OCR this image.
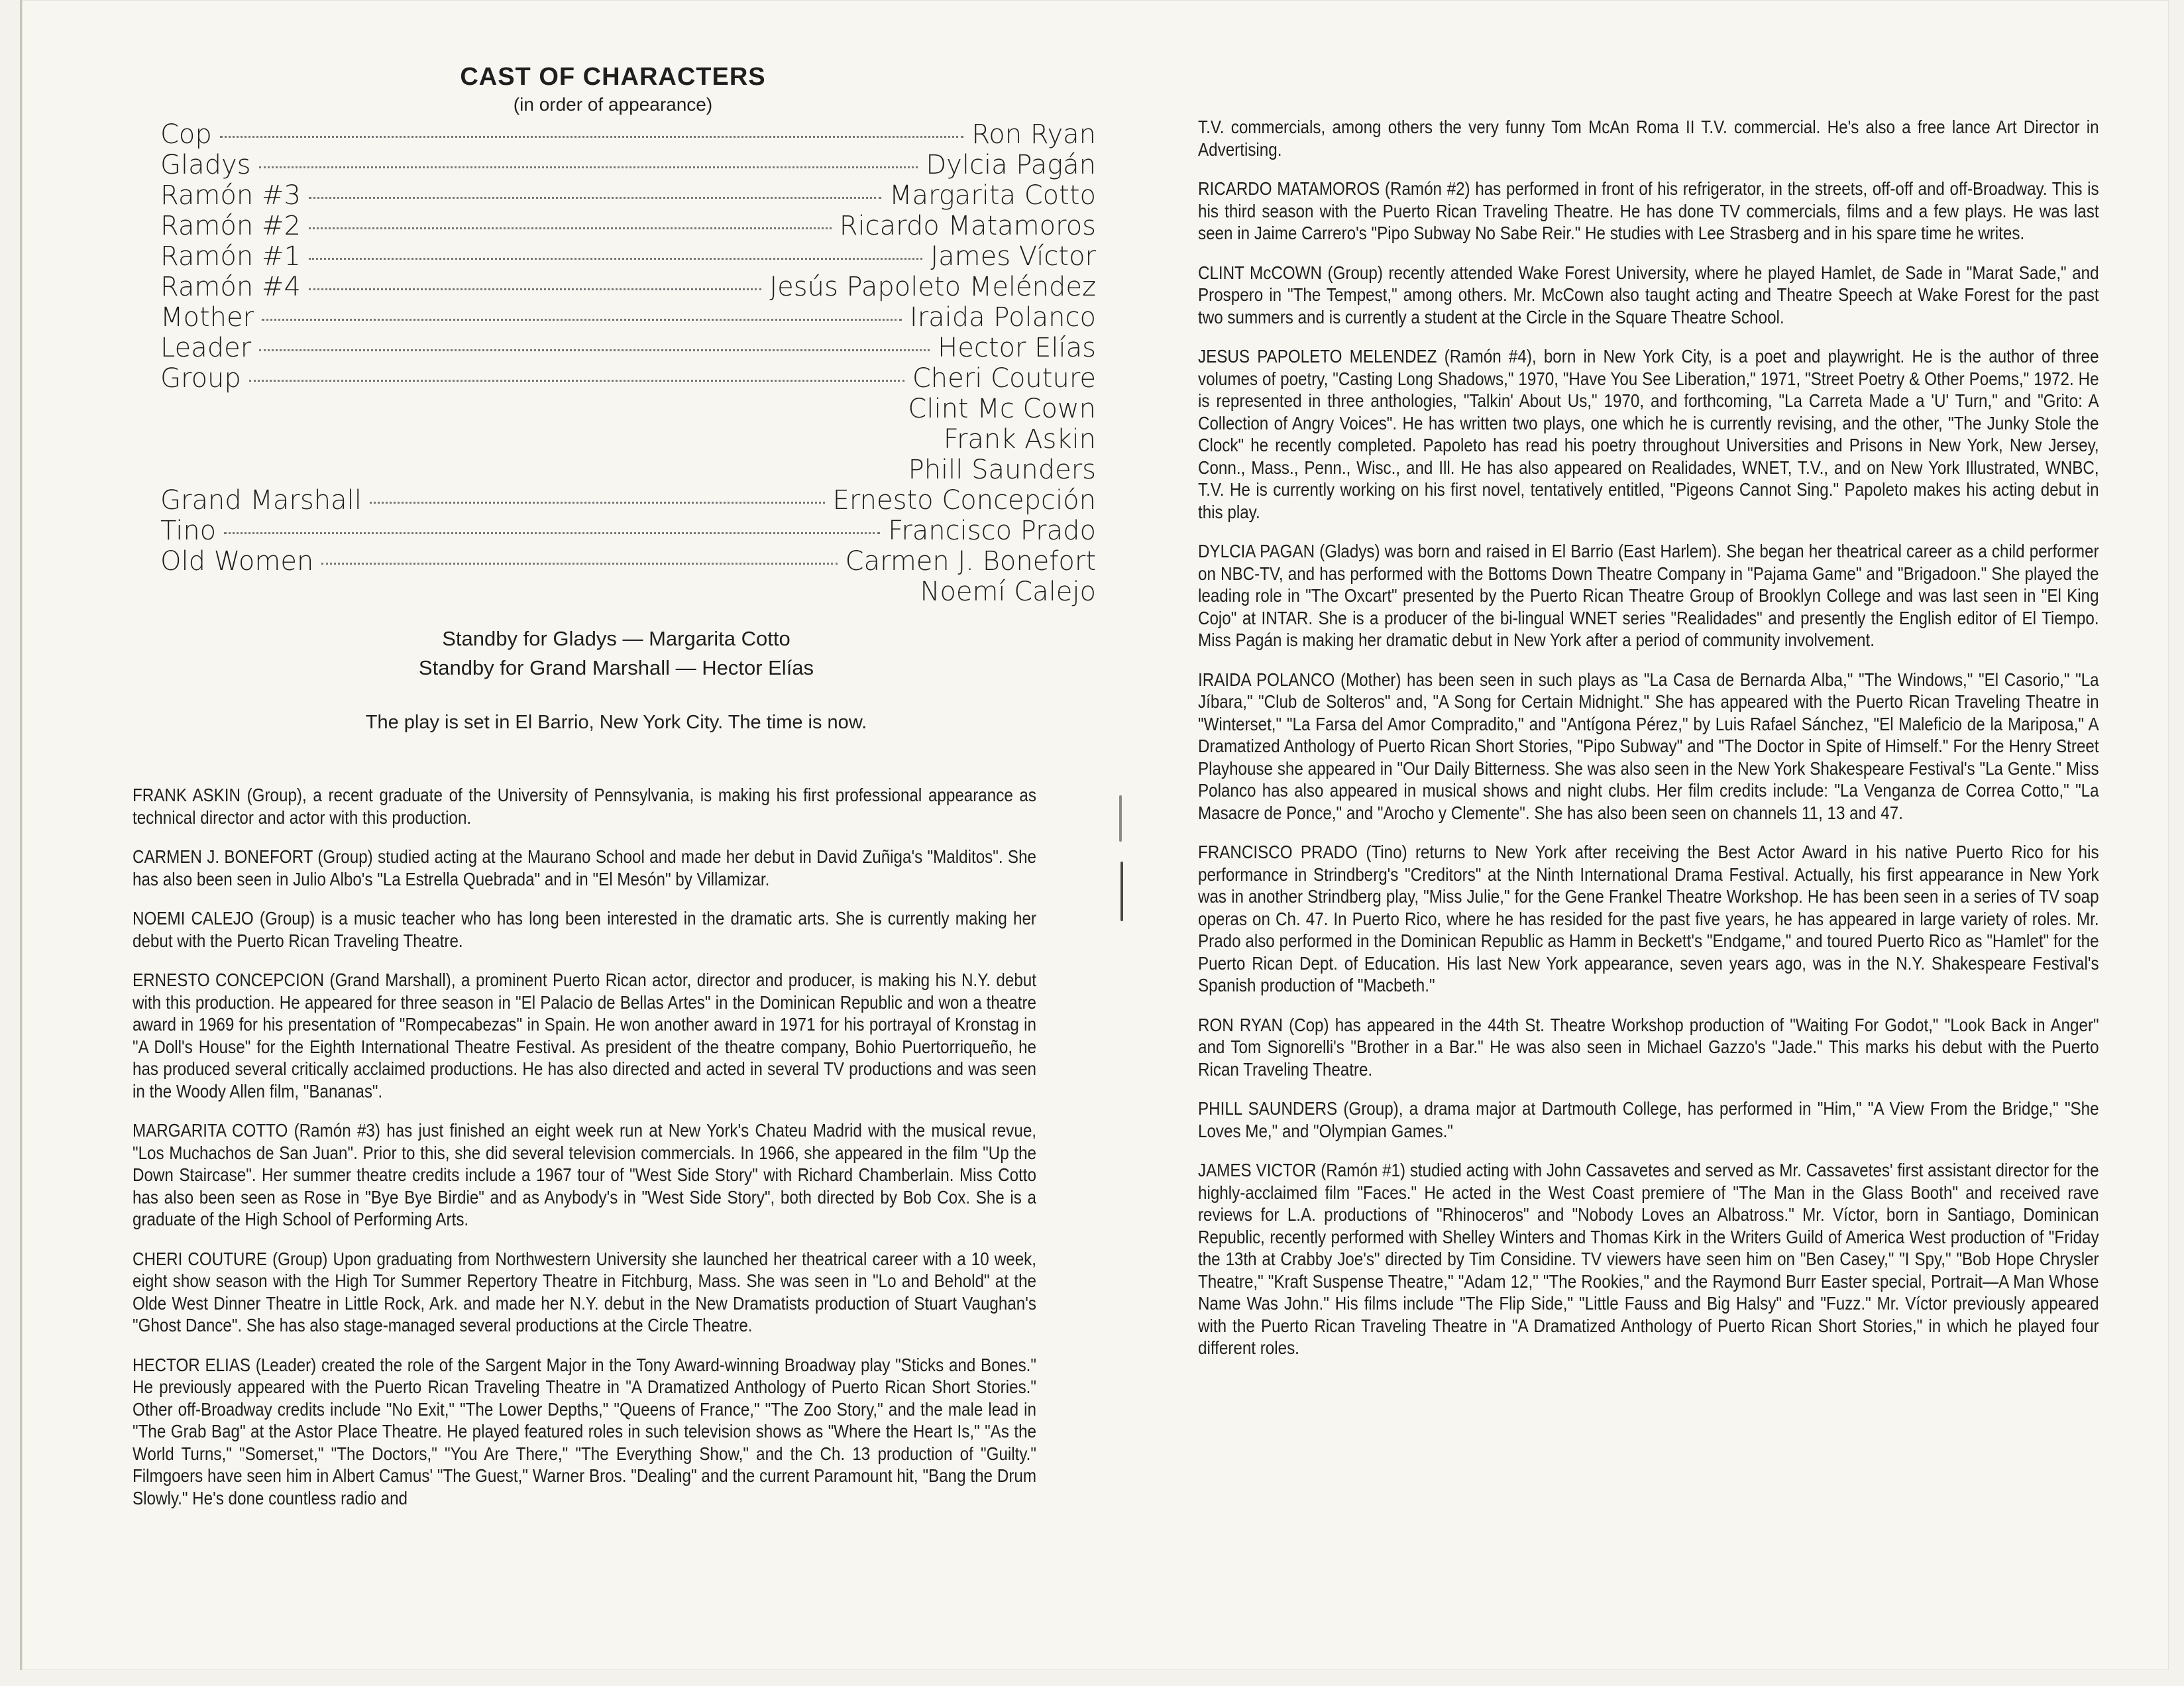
CAST OF CHARACTERS
(in order of appearance)
Cop	Ron Ryan
Gladys	Dylcia Pagán
Ramón #3	Margarita Cotto
Ramón #2	Ricardo Matamoros
Ramón #1	James Víctor
Ramón #4	Jesús Papoleto Meléndez
Mother	Iraida Polanco
Leader	Hector Elías
Group	Cheri Couture
Clint Mc Cown
Frank Askin
Phill Saunders
Grand Marshall	Ernesto Concepción
Tino	Francisco Prado
Old Women	Carmen J. Bonefort
Noemí Calejo
Standby for Gladys — Margarita Cotto
Standby for Grand Marshall — Hector Elías
The play is set in El Barrio, New York City. The time is now.

FRANK ASKIN (Group), a recent graduate of the University of Pennsylvania, is making his first professional appearance as technical director and actor with this production.

CARMEN J. BONEFORT (Group) studied acting at the Maurano School and made her debut in David Zuñiga's "Malditos". She has also been seen in Julio Albo's "La Estrella Quebrada" and in "El Mesón" by Villamizar.

NOEMI CALEJO (Group) is a music teacher who has long been interested in the dramatic arts. She is currently making her debut with the Puerto Rican Traveling Theatre.

ERNESTO CONCEPCION (Grand Marshall), a prominent Puerto Rican actor, director and producer, is making his N.Y. debut with this production. He appeared for three season in "El Palacio de Bellas Artes" in the Dominican Republic and won a theatre award in 1969 for his presentation of "Rompecabezas" in Spain. He won another award in 1971 for his portrayal of Kronstag in "A Doll's House" for the Eighth International Theatre Festival. As president of the theatre company, Bohio Puertorriqueño, he has produced several critically acclaimed productions. He has also directed and acted in several TV productions and was seen in the Woody Allen film, "Bananas".

MARGARITA COTTO (Ramón #3) has just finished an eight week run at New York's Chateu Madrid with the musical revue, "Los Muchachos de San Juan". Prior to this, she did several television commercials. In 1966, she appeared in the film "Up the Down Staircase". Her summer theatre credits include a 1967 tour of "West Side Story" with Richard Chamberlain. Miss Cotto has also been seen as Rose in "Bye Bye Birdie" and as Anybody's in "West Side Story", both directed by Bob Cox. She is a graduate of the High School of Performing Arts.

CHERI COUTURE (Group) Upon graduating from Northwestern University she launched her theatrical career with a 10 week, eight show season with the High Tor Summer Repertory Theatre in Fitchburg, Mass. She was seen in "Lo and Behold" at the Olde West Dinner Theatre in Little Rock, Ark. and made her N.Y. debut in the New Dramatists production of Stuart Vaughan's "Ghost Dance". She has also stage-managed several productions at the Circle Theatre.

HECTOR ELIAS (Leader) created the role of the Sargent Major in the Tony Award-winning Broadway play "Sticks and Bones." He previously appeared with the Puerto Rican Traveling Theatre in "A Dramatized Anthology of Puerto Rican Short Stories." Other off-Broadway credits include "No Exit," "The Lower Depths," "Queens of France," "The Zoo Story," and the male lead in "The Grab Bag" at the Astor Place Theatre. He played featured roles in such television shows as "Where the Heart Is," "As the World Turns," "Somerset," "The Doctors," "You Are There," "The Everything Show," and the Ch. 13 production of "Guilty." Filmgoers have seen him in Albert Camus' "The Guest," Warner Bros. "Dealing" and the current Paramount hit, "Bang the Drum Slowly." He's done countless radio and

T.V. commercials, among others the very funny Tom McAn Roma II T.V. commercial. He's also a free lance Art Director in Advertising.

RICARDO MATAMOROS (Ramón #2) has performed in front of his refrigerator, in the streets, off-off and off-Broadway. This is his third season with the Puerto Rican Traveling Theatre. He has done TV commercials, films and a few plays. He was last seen in Jaime Carrero's "Pipo Subway No Sabe Reir." He studies with Lee Strasberg and in his spare time he writes.

CLINT McCOWN (Group) recently attended Wake Forest University, where he played Hamlet, de Sade in "Marat Sade," and Prospero in "The Tempest," among others. Mr. McCown also taught acting and Theatre Speech at Wake Forest for the past two summers and is currently a student at the Circle in the Square Theatre School.

JESUS PAPOLETO MELENDEZ (Ramón #4), born in New York City, is a poet and playwright. He is the author of three volumes of poetry, "Casting Long Shadows," 1970, "Have You See Liberation," 1971, "Street Poetry & Other Poems," 1972. He is represented in three anthologies, "Talkin' About Us," 1970, and forthcoming, "La Carreta Made a 'U' Turn," and "Grito: A Collection of Angry Voices". He has written two plays, one which he is currently revising, and the other, "The Junky Stole the Clock" he recently completed. Papoleto has read his poetry throughout Universities and Prisons in New York, New Jersey, Conn., Mass., Penn., Wisc., and Ill. He has also appeared on Realidades, WNET, T.V., and on New York Illustrated, WNBC, T.V. He is currently working on his first novel, tentatively entitled, "Pigeons Cannot Sing." Papoleto makes his acting debut in this play.

DYLCIA PAGAN (Gladys) was born and raised in El Barrio (East Harlem). She began her theatrical career as a child performer on NBC-TV, and has performed with the Bottoms Down Theatre Company in "Pajama Game" and "Brigadoon." She played the leading role in "The Oxcart" presented by the Puerto Rican Theatre Group of Brooklyn College and was last seen in "El King Cojo" at INTAR. She is a producer of the bi-lingual WNET series "Realidades" and presently the English editor of El Tiempo. Miss Pagán is making her dramatic debut in New York after a period of community involvement.

IRAIDA POLANCO (Mother) has been seen in such plays as "La Casa de Bernarda Alba," "The Windows," "El Casorio," "La Jíbara," "Club de Solteros" and, "A Song for Certain Midnight." She has appeared with the Puerto Rican Traveling Theatre in "Winterset," "La Farsa del Amor Compradito," and "Antígona Pérez," by Luis Rafael Sánchez, "El Maleficio de la Mariposa," A Dramatized Anthology of Puerto Rican Short Stories, "Pipo Subway" and "The Doctor in Spite of Himself." For the Henry Street Playhouse she appeared in "Our Daily Bitterness. She was also seen in the New York Shakespeare Festival's "La Gente." Miss Polanco has also appeared in musical shows and night clubs. Her film credits include: "La Venganza de Correa Cotto," "La Masacre de Ponce," and "Arocho y Clemente". She has also been seen on channels 11, 13 and 47.

FRANCISCO PRADO (Tino) returns to New York after receiving the Best Actor Award in his native Puerto Rico for his performance in Strindberg's "Creditors" at the Ninth International Drama Festival. Actually, his first appearance in New York was in another Strindberg play, "Miss Julie," for the Gene Frankel Theatre Workshop. He has been seen in a series of TV soap operas on Ch. 47. In Puerto Rico, where he has resided for the past five years, he has appeared in large variety of roles. Mr. Prado also performed in the Dominican Republic as Hamm in Beckett's "Endgame," and toured Puerto Rico as "Hamlet" for the Puerto Rican Dept. of Education. His last New York appearance, seven years ago, was in the N.Y. Shakespeare Festival's Spanish production of "Macbeth."

RON RYAN (Cop) has appeared in the 44th St. Theatre Workshop production of "Waiting For Godot," "Look Back in Anger" and Tom Signorelli's "Brother in a Bar." He was also seen in Michael Gazzo's "Jade." This marks his debut with the Puerto Rican Traveling Theatre.

PHILL SAUNDERS (Group), a drama major at Dartmouth College, has performed in "Him," "A View From the Bridge," "She Loves Me," and "Olympian Games."

JAMES VICTOR (Ramón #1) studied acting with John Cassavetes and served as Mr. Cassavetes' first assistant director for the highly-acclaimed film "Faces." He acted in the West Coast premiere of "The Man in the Glass Booth" and received rave reviews for L.A. productions of "Rhinoceros" and "Nobody Loves an Albatross." Mr. Víctor, born in Santiago, Dominican Republic, recently performed with Shelley Winters and Thomas Kirk in the Writers Guild of America West production of "Friday the 13th at Crabby Joe's" directed by Tim Considine. TV viewers have seen him on "Ben Casey," "I Spy," "Bob Hope Chrysler Theatre," "Kraft Suspense Theatre," "Adam 12," "The Rookies," and the Raymond Burr Easter special, Portrait—A Man Whose Name Was John." His films include "The Flip Side," "Little Fauss and Big Halsy" and "Fuzz." Mr. Víctor previously appeared with the Puerto Rican Traveling Theatre in "A Dramatized Anthology of Puerto Rican Short Stories," in which he played four different roles.
